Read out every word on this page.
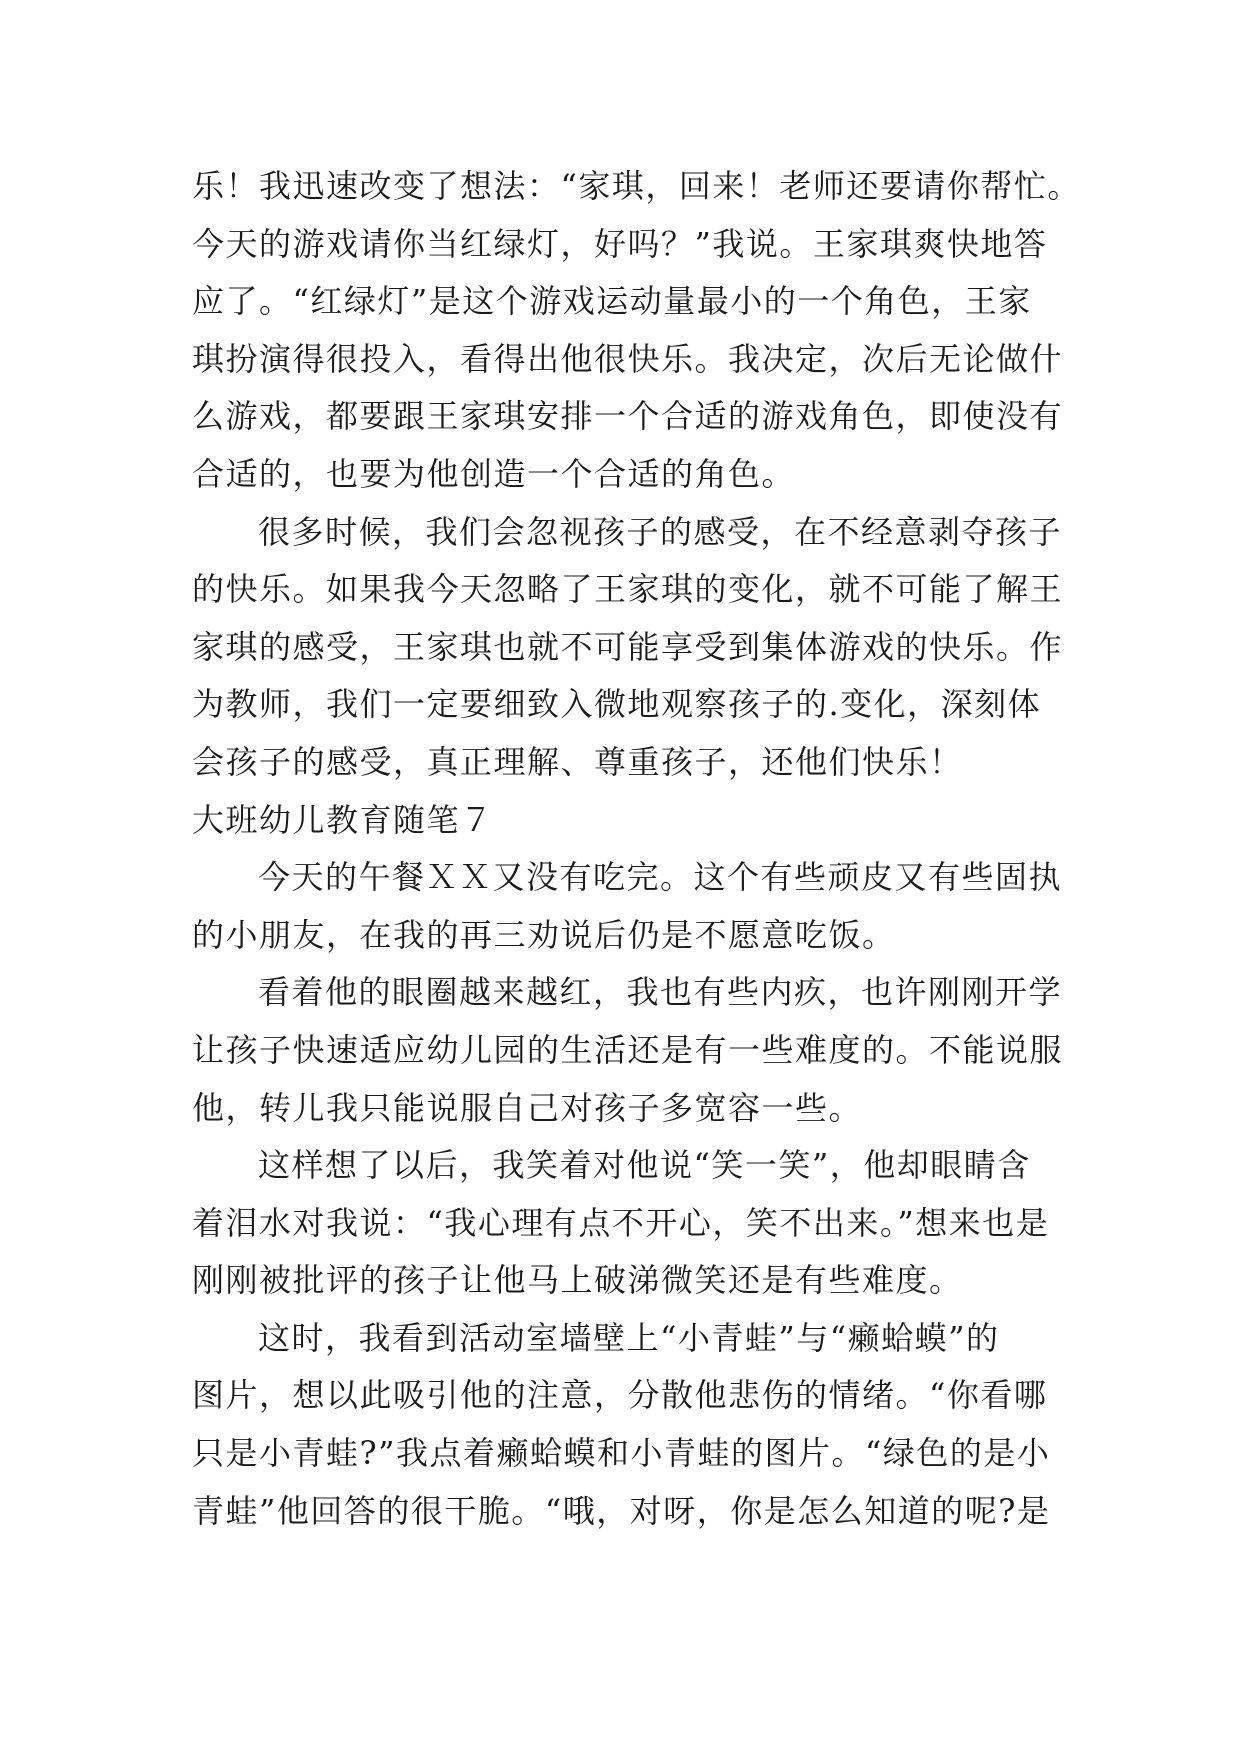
乐！我迅速改变了想法：“家琪，回来！老师还要请你帮忙。
今天的游戏请你当红绿灯，好吗？”我说。王家琪爽快地答
应了。“红绿灯”是这个游戏运动量最小的一个角色，王家
琪扮演得很投入，看得出他很快乐。我决定，次后无论做什
么游戏，都要跟王家琪安排一个合适的游戏角色，即使没有
合适的，也要为他创造一个合适的角色。
很多时候，我们会忽视孩子的感受，在不经意剥夺孩子
的快乐。如果我今天忽略了王家琪的变化，就不可能了解王
家琪的感受，王家琪也就不可能享受到集体游戏的快乐。作
为教师，我们一定要细致入微地观察孩子的.变化，深刻体
会孩子的感受，真正理解、尊重孩子，还他们快乐！
大班幼儿教育随笔７
今天的午餐ＸＸ又没有吃完。这个有些顽皮又有些固执
的小朋友，在我的再三劝说后仍是不愿意吃饭。
看着他的眼圈越来越红，我也有些内疚，也许刚刚开学
让孩子快速适应幼儿园的生活还是有一些难度的。不能说服
他，转儿我只能说服自己对孩子多宽容一些。
这样想了以后，我笑着对他说“笑一笑”，他却眼睛含
着泪水对我说：“我心理有点不开心，笑不出来。”想来也是
刚刚被批评的孩子让他马上破涕微笑还是有些难度。
这时，我看到活动室墙壁上“小青蛙”与“癞蛤蟆”的
图片，想以此吸引他的注意，分散他悲伤的情绪。“你看哪
只是小青蛙?”我点着癞蛤蟆和小青蛙的图片。“绿色的是小
青蛙”他回答的很干脆。“哦，对呀，你是怎么知道的呢?是
